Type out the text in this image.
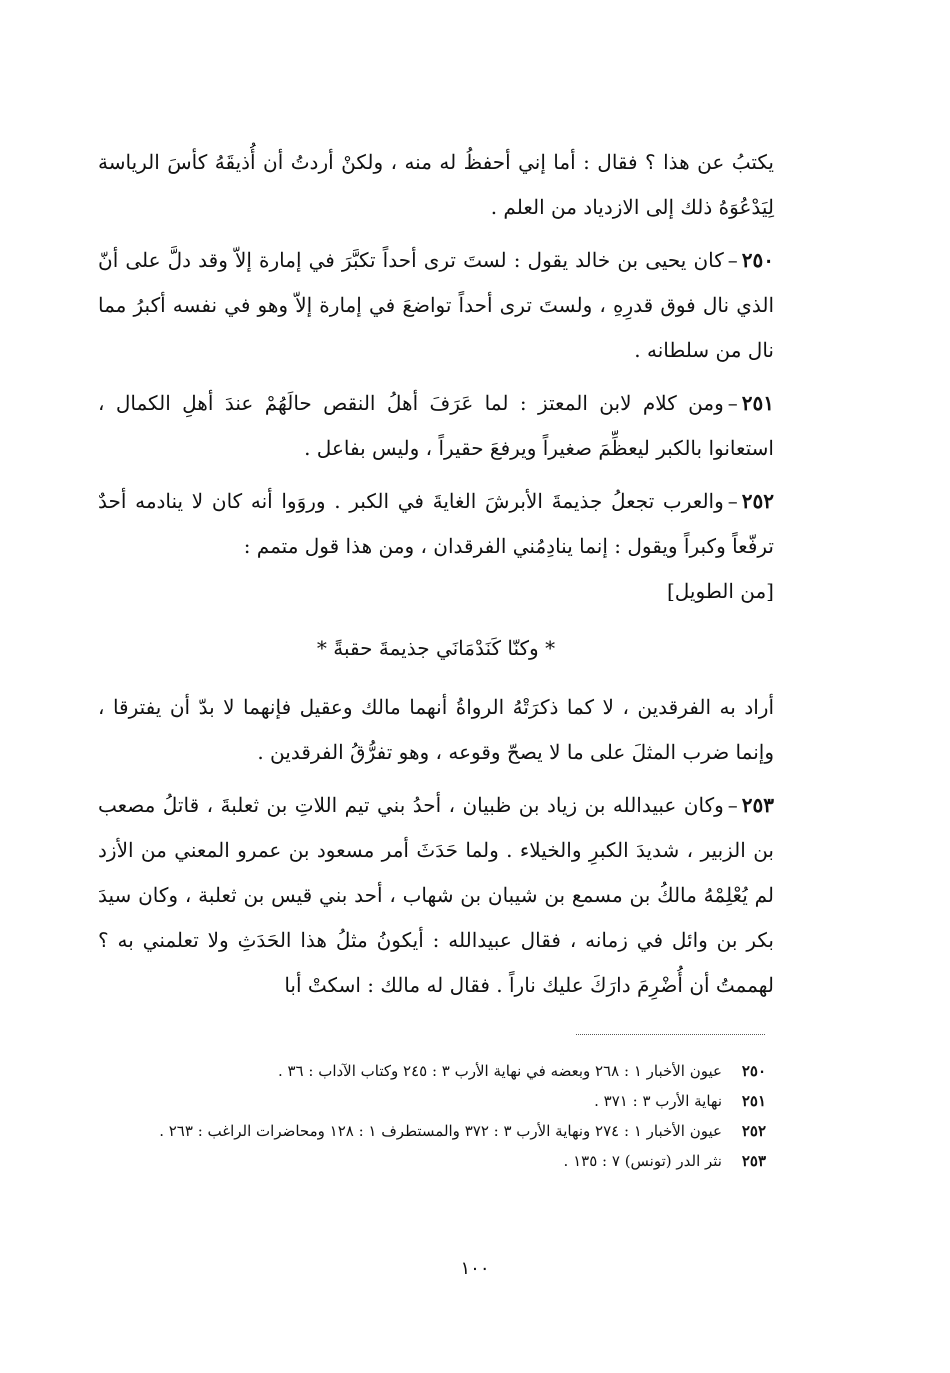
يكتبُ عن هذا ؟ فقال : أما إني أحفظُ له منه ، ولكنْ أردتُ أن أُذيقَهُ كأسَ الرياسة لِيَدْعُوَهُ ذلك إلى الازدياد من العلم .

٢٥٠–كان يحيى بن خالد يقول : لستَ ترى أحداً تكبَّرَ في إمارة إلاّ وقد دلَّ على أنّ الذي نال فوق قدرِهِ ، ولستَ ترى أحداً تواضعَ في إمارة إلاّ وهو في نفسه أكبرُ مما نال من سلطانه .

٢٥١–ومن كلام لابن المعتز : لما عَرَفَ أهلُ النقص حالَهُمْ عندَ أهلِ الكمال ، استعانوا بالكبر ليعظِّمَ صغيراً ويرفعَ حقيراً ، وليس بفاعل .

٢٥٢–والعرب تجعلُ جذيمةَ الأبرشَ الغايةَ في الكبر . وروَوا أنه كان لا ينادمه أحدٌ ترفّعاً وكبراً ويقول : إنما ينادِمُني الفرقدان ، ومن هذا قول متمم :
[من الطويل]

* وكنّا كَنَدْمَانَي جذيمةَ حقبةً *

أراد به الفرقدين ، لا كما ذكرَتْهُ الرواةُ أنهما مالك وعقيل فإنهما لا بدّ أن يفترقا ، وإنما ضرب المثلَ على ما لا يصحّ وقوعه ، وهو تفرُّقُ الفرقدين .

٢٥٣–وكان عبيدالله بن زياد بن ظبيان ، أحدُ بني تيم اللاتِ بن ثعلبةَ ، قاتلُ مصعب بن الزبير ، شديدَ الكبرِ والخيلاء . ولما حَدَثَ أمر مسعود بن عمرو المعني من الأزد لم يُعْلِمْهُ مالكُ بن مسمع بن شيبان بن شهاب ، أحد بني قيس بن ثعلبة ، وكان سيدَ بكر بن وائل في زمانه ، فقال عبيدالله : أيكونُ مثلُ هذا الحَدَثِ ولا تعلمني به ؟ لهممتُ أن أُضْرِمَ دارَكَ عليك ناراً . فقال له مالك : اسكتْ أبا

٢٥٠
عيون الأخبار ١ : ٢٦٨ وبعضه في نهاية الأرب ٣ : ٢٤٥ وكتاب الآداب : ٣٦ .
٢٥١
نهاية الأرب ٣ : ٣٧١ .
٢٥٢
عيون الأخبار ١ : ٢٧٤ ونهاية الأرب ٣ : ٣٧٢ والمستطرف ١ : ١٢٨ ومحاضرات الراغب : ٢٦٣ .
٢٥٣
نثر الدر (تونس) ٧ : ١٣٥ .
١٠٠
